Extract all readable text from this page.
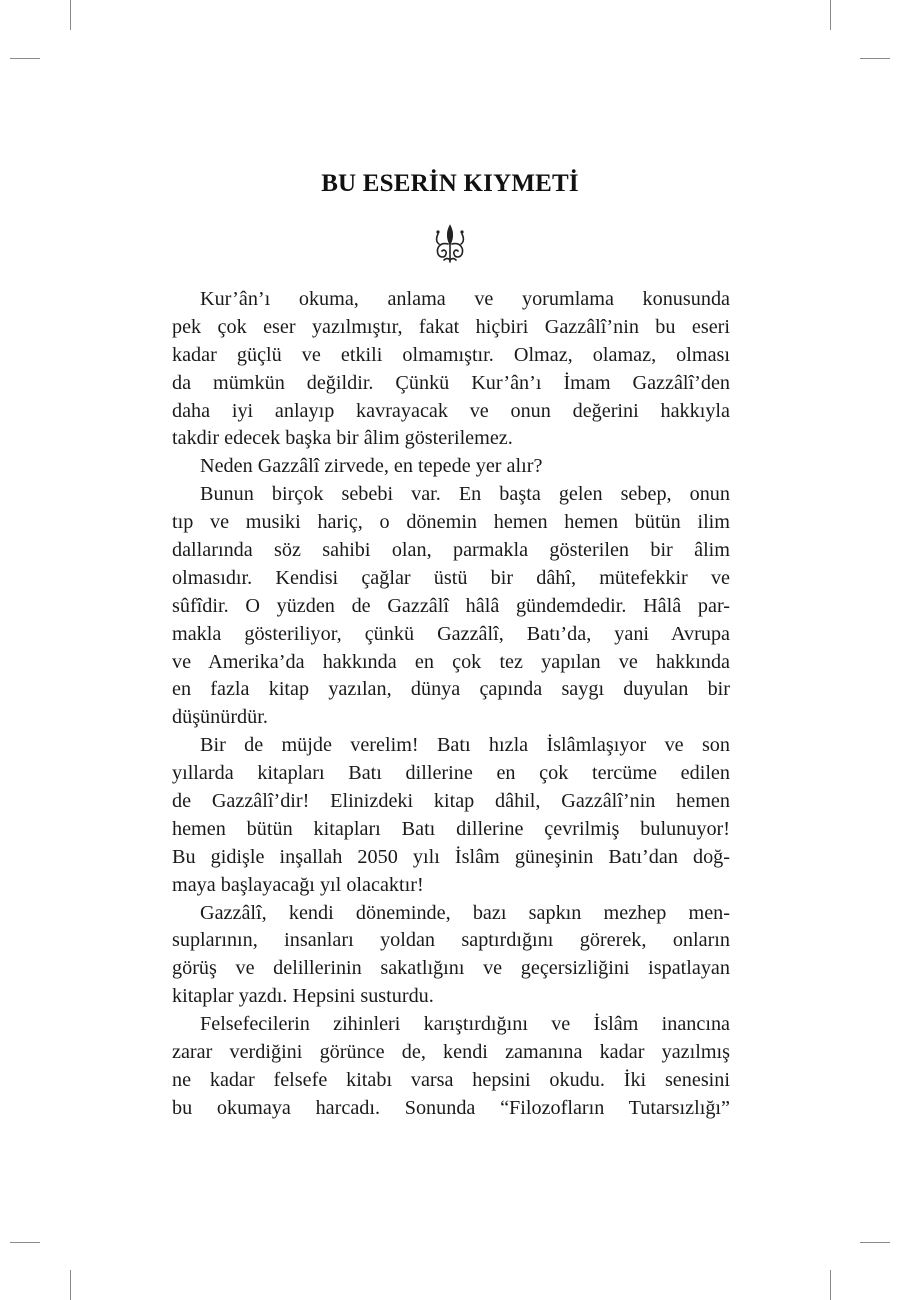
BU ESERİN KIYMETİ
Kur’ân’ı okuma, anlama ve yorumlama konusunda
pek çok eser yazılmıştır, fakat hiçbiri Gazzâlî’nin bu eseri
kadar güçlü ve etkili olmamıştır. Olmaz, olamaz, olması
da mümkün değildir. Çünkü Kur’ân’ı İmam Gazzâlî’den
daha iyi anlayıp kavrayacak ve onun değerini hakkıyla
takdir edecek başka bir âlim gösterilemez.
Neden Gazzâlî zirvede, en tepede yer alır?
Bunun birçok sebebi var. En başta gelen sebep, onun
tıp ve musiki hariç, o dönemin hemen hemen bütün ilim
dallarında söz sahibi olan, parmakla gösterilen bir âlim
olmasıdır. Kendisi çağlar üstü bir dâhî, mütefekkir ve
sûfîdir. O yüzden de Gazzâlî hâlâ gündemdedir. Hâlâ par-
makla gösteriliyor, çünkü Gazzâlî, Batı’da, yani Avrupa
ve Amerika’da hakkında en çok tez yapılan ve hakkında
en fazla kitap yazılan, dünya çapında saygı duyulan bir
düşünürdür.
Bir de müjde verelim! Batı hızla İslâmlaşıyor ve son
yıllarda kitapları Batı dillerine en çok tercüme edilen
de Gazzâlî’dir! Elinizdeki kitap dâhil, Gazzâlî’nin hemen
hemen bütün kitapları Batı dillerine çevrilmiş bulunuyor!
Bu gidişle inşallah 2050 yılı İslâm güneşinin Batı’dan doğ-
maya başlayacağı yıl olacaktır!
Gazzâlî, kendi döneminde, bazı sapkın mezhep men-
suplarının, insanları yoldan saptırdığını görerek, onların
görüş ve delillerinin sakatlığını ve geçersizliğini ispatlayan
kitaplar yazdı. Hepsini susturdu.
Felsefecilerin zihinleri karıştırdığını ve İslâm inancına
zarar verdiğini görünce de, kendi zamanına kadar yazılmış
ne kadar felsefe kitabı varsa hepsini okudu. İki senesini
bu okumaya harcadı. Sonunda “Filozofların Tutarsızlığı”
